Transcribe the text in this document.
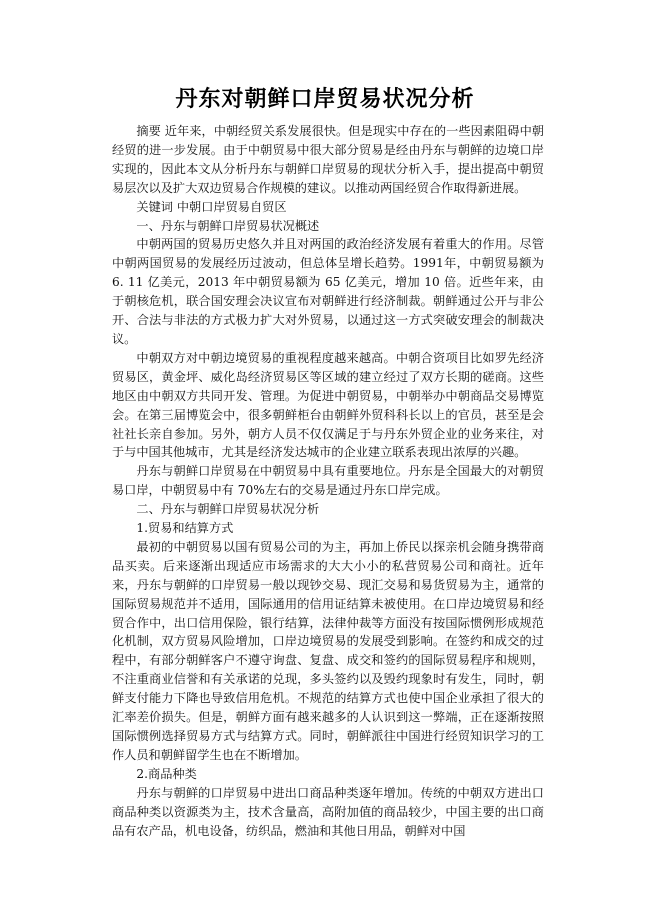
丹东对朝鲜口岸贸易状况分析

摘要 近年来，中朝经贸关系发展很快。但是现实中存在的一些因素阻碍中朝经贸的进一步发展。由于中朝贸易中很大部分贸易是经由丹东与朝鲜的边境口岸实现的，因此本文从分析丹东与朝鲜口岸贸易的现状分析入手，提出提高中朝贸易层次以及扩大双边贸易合作规模的建议。以推动两国经贸合作取得新进展。

关键词 中朝口岸贸易自贸区

一、丹东与朝鲜口岸贸易状况概述

中朝两国的贸易历史悠久并且对两国的政治经济发展有着重大的作用。尽管中朝两国贸易的发展经历过波动，但总体呈增长趋势。1991年，中朝贸易额为 6. 11 亿美元，2013 年中朝贸易额为 65 亿美元，增加 10 倍。近些年来，由于朝核危机，联合国安理会决议宣布对朝鲜进行经济制裁。朝鲜通过公开与非公开、合法与非法的方式极力扩大对外贸易，以通过这一方式突破安理会的制裁决议。

中朝双方对中朝边境贸易的重视程度越来越高。中朝合资项目比如罗先经济贸易区，黄金坪、威化岛经济贸易区等区域的建立经过了双方长期的磋商。这些地区由中朝双方共同开发、管理。为促进中朝贸易，中朝举办中朝商品交易博览会。在第三届博览会中，很多朝鲜柜台由朝鲜外贸科科长以上的官员，甚至是会社社长亲自参加。另外，朝方人员不仅仅满足于与丹东外贸企业的业务来往，对于与中国其他城市，尤其是经济发达城市的企业建立联系表现出浓厚的兴趣。

丹东与朝鲜口岸贸易在中朝贸易中具有重要地位。丹东是全国最大的对朝贸易口岸，中朝贸易中有 70%左右的交易是通过丹东口岸完成。

二、丹东与朝鲜口岸贸易状况分析

1.贸易和结算方式

最初的中朝贸易以国有贸易公司的为主，再加上侨民以探亲机会随身携带商品买卖。后来逐渐出现适应市场需求的大大小小的私营贸易公司和商社。近年来，丹东与朝鲜的口岸贸易一般以现钞交易、现汇交易和易货贸易为主，通常的国际贸易规范并不适用，国际通用的信用证结算未被使用。在口岸边境贸易和经贸合作中，出口信用保险，银行结算，法律仲裁等方面没有按国际惯例形成规范化机制，双方贸易风险增加，口岸边境贸易的发展受到影响。在签约和成交的过程中，有部分朝鲜客户不遵守询盘、复盘、成交和签约的国际贸易程序和规则，不注重商业信誉和有关承诺的兑现，多头签约以及毁约现象时有发生，同时，朝鲜支付能力下降也导致信用危机。不规范的结算方式也使中国企业承担了很大的汇率差价损失。但是，朝鲜方面有越来越多的人认识到这一弊端，正在逐渐按照国际惯例选择贸易方式与结算方式。同时，朝鲜派往中国进行经贸知识学习的工作人员和朝鲜留学生也在不断增加。

2.商品种类

丹东与朝鲜的口岸贸易中进出口商品种类逐年增加。传统的中朝双方进出口商品种类以资源类为主，技术含量高，高附加值的商品较少，中国主要的出口商品有农产品，机电设备，纺织品，燃油和其他日用品，朝鲜对中国
